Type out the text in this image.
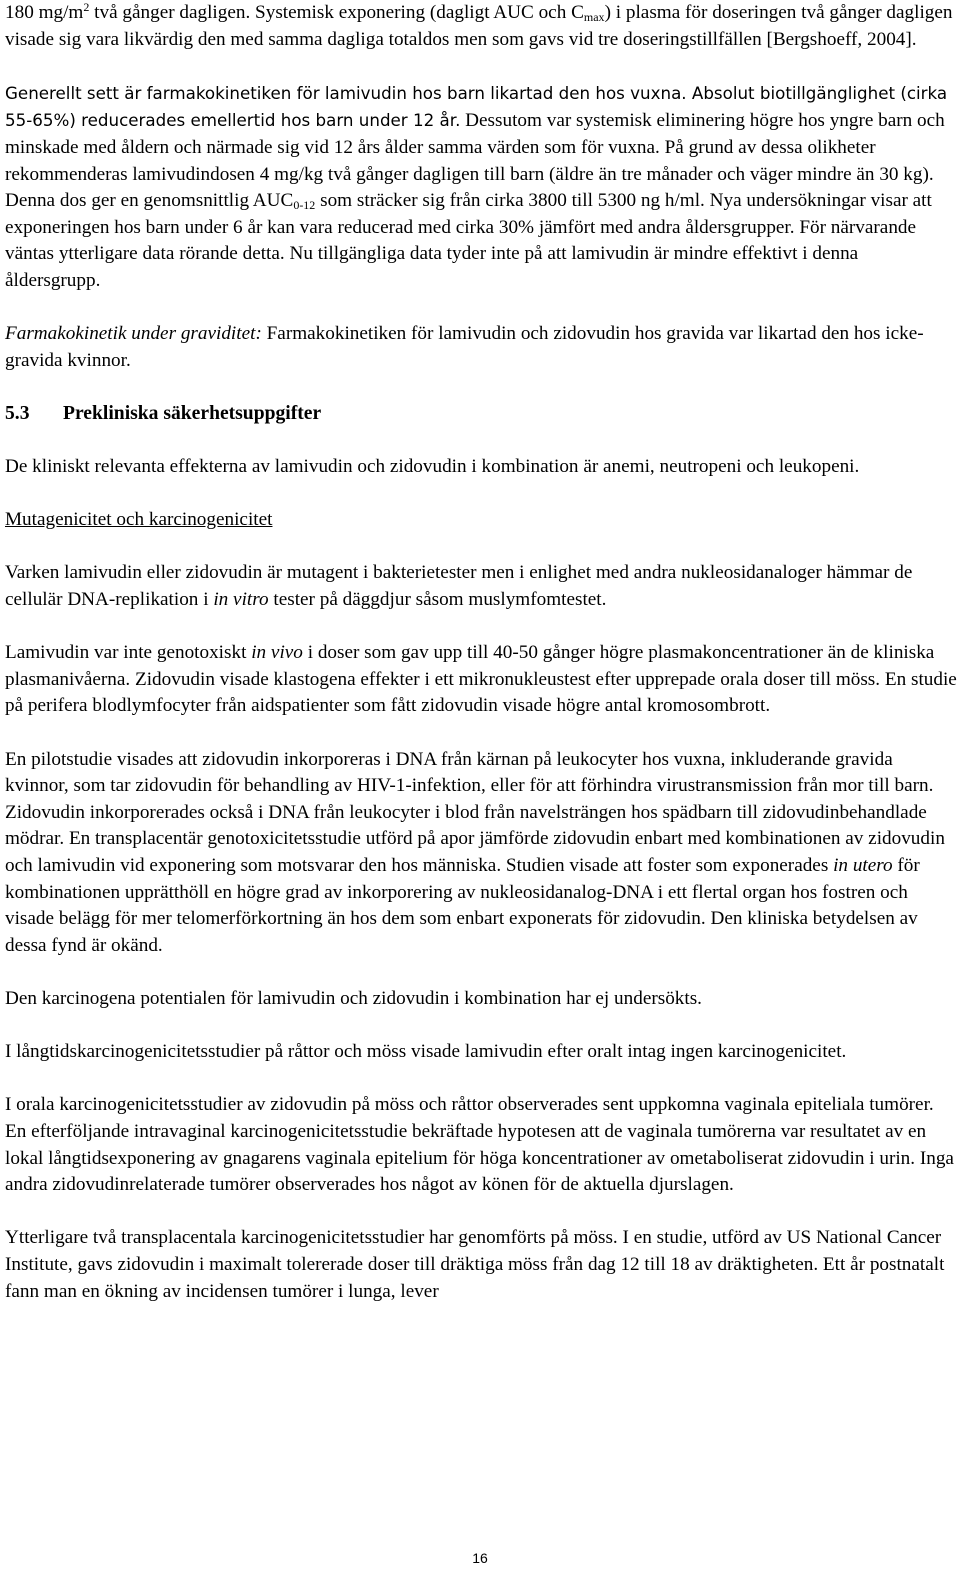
180 $mg/m^2$ två gånger dagligen. Systemisk exponering (dagligt AUC och $C_{max}$) i plasma för doseringen två gånger dagligen visade sig vara likvärdig den med samma dagliga totaldos men som gavs vid tre doseringstillfällen [Bergshoeff, 2004].

Generellt sett är farmakokinetiken för lamivudin hos barn likartad den hos vuxna. Absolut biotillgänglighet (cirka 55-65%) reducerades emellertid hos barn under 12 år. Dessutom var systemisk eliminering högre hos yngre barn och minskade med åldern och närmade sig vid 12 års ålder samma värden som för vuxna. På grund av dessa olikheter rekommenderas lamivudindosen 4 mg/kg två gånger dagligen till barn (äldre än tre månader och väger mindre än 30 kg). Denna dos ger en genomsnittlig $AUC_{0-12}$ som sträcker sig från cirka 3800 till 5300 ng h/ml. Nya undersökningar visar att exponeringen hos barn under 6 år kan vara reducerad med cirka 30% jämfört med andra åldersgrupper. För närvarande väntas ytterligare data rörande detta. Nu tillgängliga data tyder inte på att lamivudin är mindre effektivt i denna åldersgrupp.

Farmakokinetik under graviditet: Farmakokinetiken för lamivudin och zidovudin hos gravida var likartad den hos icke-gravida kvinnor.

5.3 Prekliniska säkerhetsuppgifter

De kliniskt relevanta effekterna av lamivudin och zidovudin i kombination är anemi, neutropeni och leukopeni.

Mutagenicitet och karcinogenicitet

Varken lamivudin eller zidovudin är mutagent i bakterietester men i enlighet med andra nukleosidanaloger hämmar de cellulär DNA-replikation i in vitro tester på däggdjur såsom muslymfomtestet.

Lamivudin var inte genotoxiskt in vivo i doser som gav upp till 40-50 gånger högre plasmakoncentrationer än de kliniska plasmanivåerna. Zidovudin visade klastogena effekter i ett mikronukleustest efter upprepade orala doser till möss. En studie på perifera blodlymfocyter från aidspatienter som fått zidovudin visade högre antal kromosombrott.

En pilotstudie visades att zidovudin inkorporeras i DNA från kärnan på leukocyter hos vuxna, inkluderande gravida kvinnor, som tar zidovudin för behandling av HIV-1-infektion, eller för att förhindra virustransmission från mor till barn. Zidovudin inkorporerades också i DNA från leukocyter i blod från navelsträngen hos spädbarn till zidovudinbehandlade mödrar. En transplacentär genotoxicitetsstudie utförd på apor jämförde zidovudin enbart med kombinationen av zidovudin och lamivudin vid exponering som motsvarar den hos människa. Studien visade att foster som exponerades in utero för kombinationen upprätthöll en högre grad av inkorporering av nukleosidanalog-DNA i ett flertal organ hos fostren och visade belägg för mer telomerförkortning än hos dem som enbart exponerats för zidovudin. Den kliniska betydelsen av dessa fynd är okänd.

Den karcinogena potentialen för lamivudin och zidovudin i kombination har ej undersökts.

I långtidskarcinogenicitetsstudier på råttor och möss visade lamivudin efter oralt intag ingen karcinogenicitet.

I orala karcinogenicitetsstudier av zidovudin på möss och råttor observerades sent uppkomna vaginala epiteliala tumörer. En efterföljande intravaginal karcinogenicitetsstudie bekräftade hypotesen att de vaginala tumörerna var resultatet av en lokal långtidsexponering av gnagarens vaginala epitelium för höga koncentrationer av ometaboliserat zidovudin i urin. Inga andra zidovudinrelaterade tumörer observerades hos något av könen för de aktuella djurslagen.

Ytterligare två transplacentala karcinogenicitetsstudier har genomförts på möss. I en studie, utförd av US National Cancer Institute, gavs zidovudin i maximalt tolererade doser till dräktiga möss från dag 12 till 18 av dräktigheten. Ett år postnatalt fann man en ökning av incidensen tumörer i lunga, lever

16
